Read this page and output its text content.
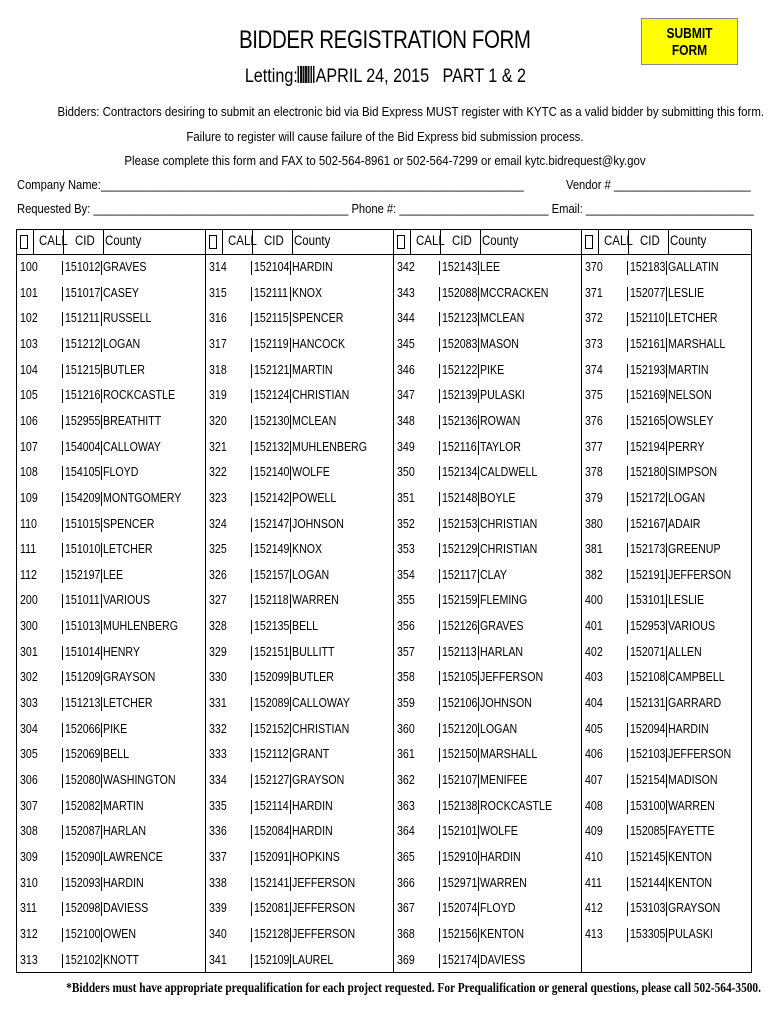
BIDDER REGISTRATION FORM	SUBMIT FORM
Letting: APRIL 24, 2015   PART 1 & 2
Bidders: Contractors desiring to submit an electronic bid via Bid Express MUST register with KYTC as a valid bidder by submitting this form.
Failure to register will cause failure of the Bid Express bid submission process.
Please complete this form and FAX to 502-564-8961 or 502-564-7299 or email kytc.bidrequest@ky.gov
Company Name:____________________________________________________________________	Vendor # ______________________
Requested By: _________________________________________ Phone #: ________________________ Email: ___________________________
CALL CID County
100 151012 GRAVES
101 151017 CASEY
102 151211 RUSSELL
103 151212 LOGAN
104 151215 BUTLER
105 151216 ROCKCASTLE
106 152955 BREATHITT
107 154004 CALLOWAY
108 154105 FLOYD
109 154209 MONTGOMERY
110 151015 SPENCER
111 151010 LETCHER
112 152197 LEE
200 151011 VARIOUS
300 151013 MUHLENBERG
301 151014 HENRY
302 151209 GRAYSON
303 151213 LETCHER
304 152066 PIKE
305 152069 BELL
306 152080 WASHINGTON
307 152082 MARTIN
308 152087 HARLAN
309 152090 LAWRENCE
310 152093 HARDIN
311 152098 DAVIESS
312 152100 OWEN
313 152102 KNOTT
CALL CID County
314 152104 HARDIN
315 152111 KNOX
316 152115 SPENCER
317 152119 HANCOCK
318 152121 MARTIN
319 152124 CHRISTIAN
320 152130 MCLEAN
321 152132 MUHLENBERG
322 152140 WOLFE
323 152142 POWELL
324 152147 JOHNSON
325 152149 KNOX
326 152157 LOGAN
327 152118 WARREN
328 152135 BELL
329 152151 BULLITT
330 152099 BUTLER
331 152089 CALLOWAY
332 152152 CHRISTIAN
333 152112 GRANT
334 152127 GRAYSON
335 152114 HARDIN
336 152084 HARDIN
337 152091 HOPKINS
338 152141 JEFFERSON
339 152081 JEFFERSON
340 152128 JEFFERSON
341 152109 LAUREL
CALL CID County
342 152143 LEE
343 152088 MCCRACKEN
344 152123 MCLEAN
345 152083 MASON
346 152122 PIKE
347 152139 PULASKI
348 152136 ROWAN
349 152116 TAYLOR
350 152134 CALDWELL
351 152148 BOYLE
352 152153 CHRISTIAN
353 152129 CHRISTIAN
354 152117 CLAY
355 152159 FLEMING
356 152126 GRAVES
357 152113 HARLAN
358 152105 JEFFERSON
359 152106 JOHNSON
360 152120 LOGAN
361 152150 MARSHALL
362 152107 MENIFEE
363 152138 ROCKCASTLE
364 152101 WOLFE
365 152910 HARDIN
366 152971 WARREN
367 152074 FLOYD
368 152156 KENTON
369 152174 DAVIESS
CALL CID County
370 152183 GALLATIN
371 152077 LESLIE
372 152110 LETCHER
373 152161 MARSHALL
374 152193 MARTIN
375 152169 NELSON
376 152165 OWSLEY
377 152194 PERRY
378 152180 SIMPSON
379 152172 LOGAN
380 152167 ADAIR
381 152173 GREENUP
382 152191 JEFFERSON
400 153101 LESLIE
401 152953 VARIOUS
402 152071 ALLEN
403 152108 CAMPBELL
404 152131 GARRARD
405 152094 HARDIN
406 152103 JEFFERSON
407 152154 MADISON
408 153100 WARREN
409 152085 FAYETTE
410 152145 KENTON
411 152144 KENTON
412 153103 GRAYSON
413 153305 PULASKI
*Bidders must have appropriate prequalification for each project requested. For Prequalification or general questions, please call 502-564-3500.
